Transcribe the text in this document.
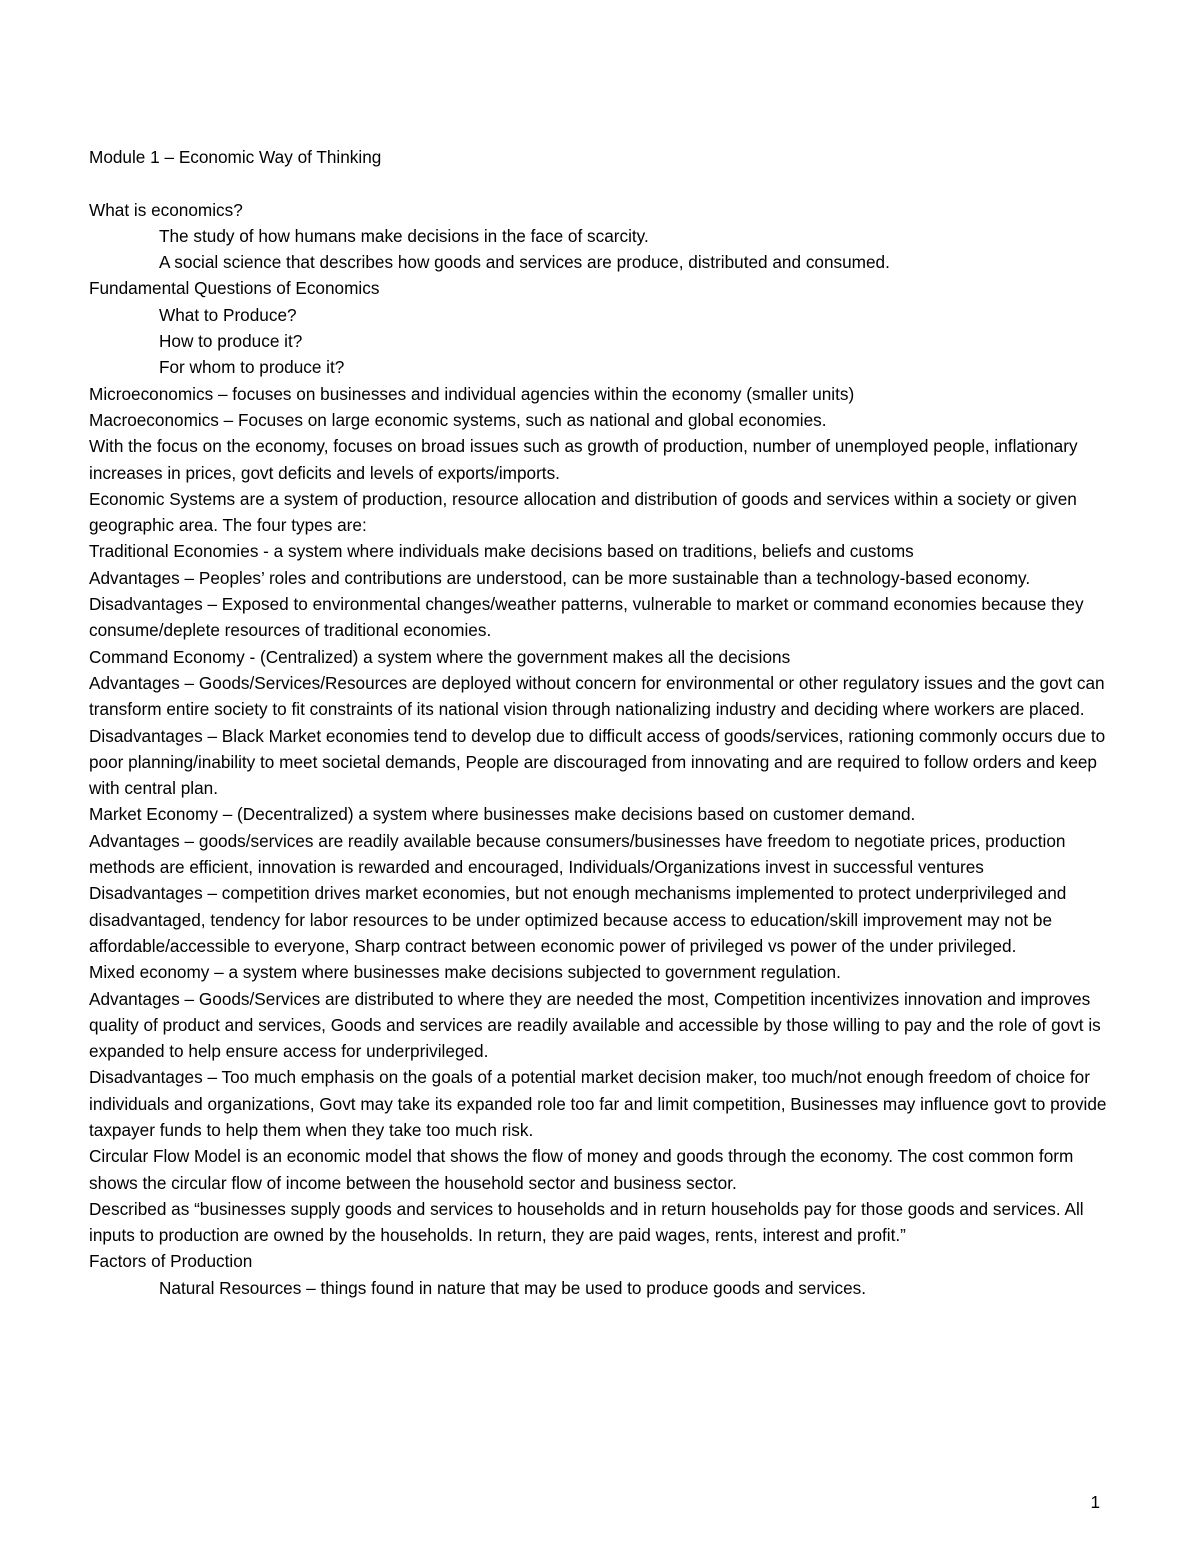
Module 1 – Economic Way of Thinking

What is economics?

The study of how humans make decisions in the face of scarcity.

A social science that describes how goods and services are produce, distributed and consumed.

Fundamental Questions of Economics

What to Produce?

How to produce it?

For whom to produce it?

Microeconomics – focuses on businesses and individual agencies within the economy (smaller units)

Macroeconomics – Focuses on large economic systems, such as national and global economies.

With the focus on the economy, focuses on broad issues such as growth of production, number of unemployed people, inflationary increases in prices, govt deficits and levels of exports/imports.

Economic Systems are a system of production, resource allocation and distribution of goods and services within a society or given geographic area. The four types are:

Traditional Economies - a system where individuals make decisions based on traditions, beliefs and customs

Advantages – Peoples’ roles and contributions are understood, can be more sustainable than a technology-based economy.

Disadvantages – Exposed to environmental changes/weather patterns, vulnerable to market or command economies because they consume/deplete resources of traditional economies.

Command Economy - (Centralized) a system where the government makes all the decisions

Advantages – Goods/Services/Resources are deployed without concern for environmental or other regulatory issues and the govt can transform entire society to fit constraints of its national vision through nationalizing industry and deciding where workers are placed.

Disadvantages – Black Market economies tend to develop due to difficult access of goods/services, rationing commonly occurs due to poor planning/inability to meet societal demands, People are discouraged from innovating and are required to follow orders and keep with central plan.

Market Economy – (Decentralized) a system where businesses make decisions based on customer demand.

Advantages – goods/services are readily available because consumers/businesses have freedom to negotiate prices, production methods are efficient, innovation is rewarded and encouraged, Individuals/Organizations invest in successful ventures

Disadvantages – competition drives market economies, but not enough mechanisms implemented to protect underprivileged and disadvantaged, tendency for labor resources to be under optimized because access to education/skill improvement may not be affordable/accessible to everyone, Sharp contract between economic power of privileged vs power of the under privileged.

Mixed economy – a system where businesses make decisions subjected to government regulation.

Advantages – Goods/Services are distributed to where they are needed the most, Competition incentivizes innovation and improves quality of product and services, Goods and services are readily available and accessible by those willing to pay and the role of govt is expanded to help ensure access for underprivileged.

Disadvantages – Too much emphasis on the goals of a potential market decision maker, too much/not enough freedom of choice for individuals and organizations, Govt may take its expanded role too far and limit competition, Businesses may influence govt to provide taxpayer funds to help them when they take too much risk.

Circular Flow Model is an economic model that shows the flow of money and goods through the economy. The cost common form shows the circular flow of income between the household sector and business sector.

Described as “businesses supply goods and services to households and in return households pay for those goods and services. All inputs to production are owned by the households. In return, they are paid wages, rents, interest and profit.”

Factors of Production

Natural Resources – things found in nature that may be used to produce goods and services.

1
